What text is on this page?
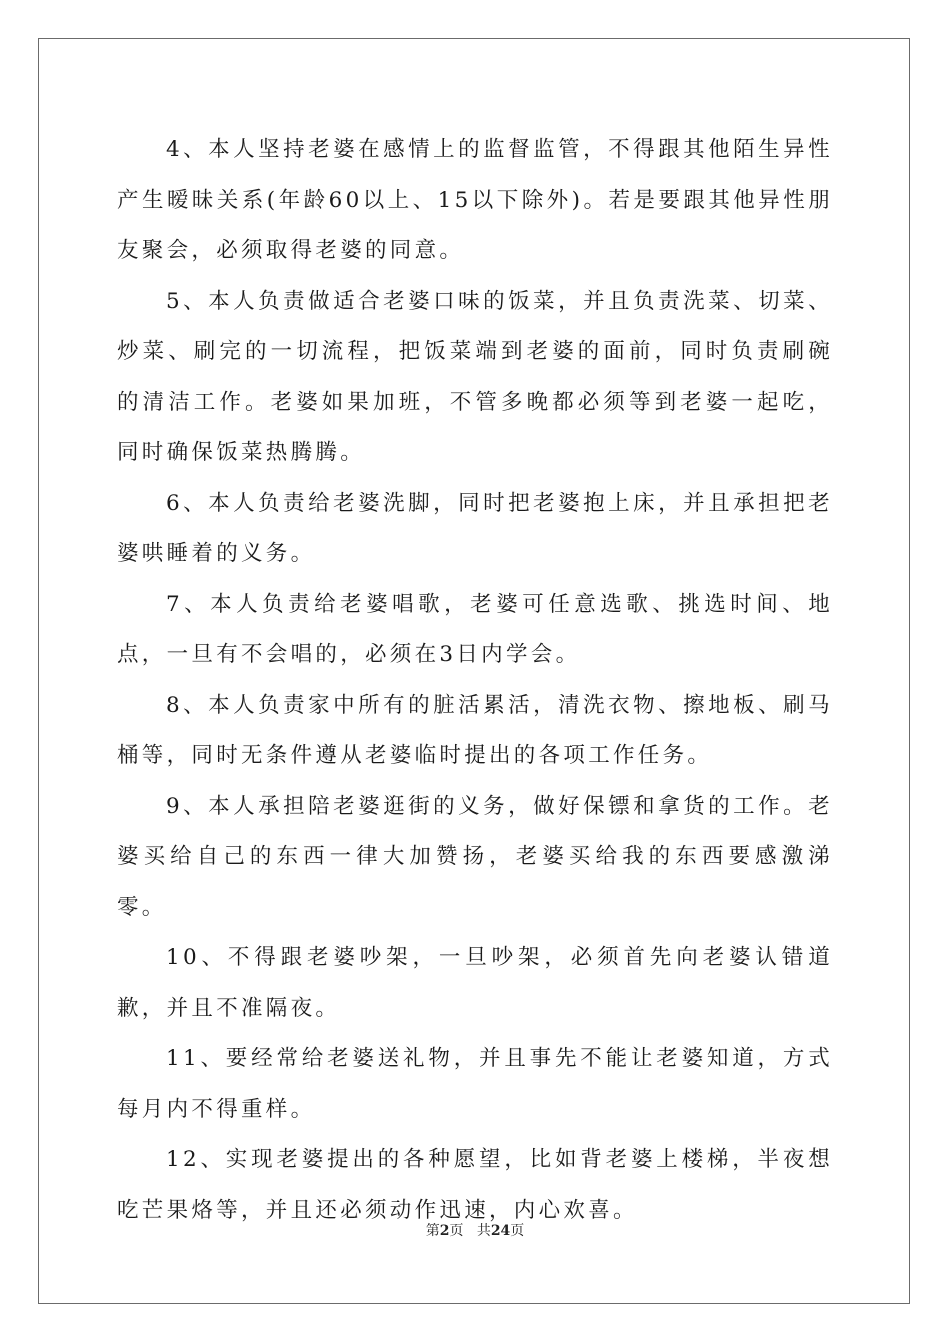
4、本人坚持老婆在感情上的监督监管，不得跟其他陌生异性产生暧昧关系(年龄60以上、15以下除外)。若是要跟其他异性朋友聚会，必须取得老婆的同意。

5、本人负责做适合老婆口味的饭菜，并且负责洗菜、切菜、炒菜、刷完的一切流程，把饭菜端到老婆的面前，同时负责刷碗的清洁工作。老婆如果加班，不管多晚都必须等到老婆一起吃，同时确保饭菜热腾腾。

6、本人负责给老婆洗脚，同时把老婆抱上床，并且承担把老婆哄睡着的义务。

7、本人负责给老婆唱歌，老婆可任意选歌、挑选时间、地点，一旦有不会唱的，必须在3日内学会。

8、本人负责家中所有的脏活累活，清洗衣物、擦地板、刷马桶等，同时无条件遵从老婆临时提出的各项工作任务。

9、本人承担陪老婆逛街的义务，做好保镖和拿货的工作。老婆买给自己的东西一律大加赞扬，老婆买给我的东西要感激涕零。

10、不得跟老婆吵架，一旦吵架，必须首先向老婆认错道歉，并且不准隔夜。

11、要经常给老婆送礼物，并且事先不能让老婆知道，方式每月内不得重样。

12、实现老婆提出的各种愿望，比如背老婆上楼梯，半夜想吃芒果烙等，并且还必须动作迅速，内心欢喜。

第2页 共24页
